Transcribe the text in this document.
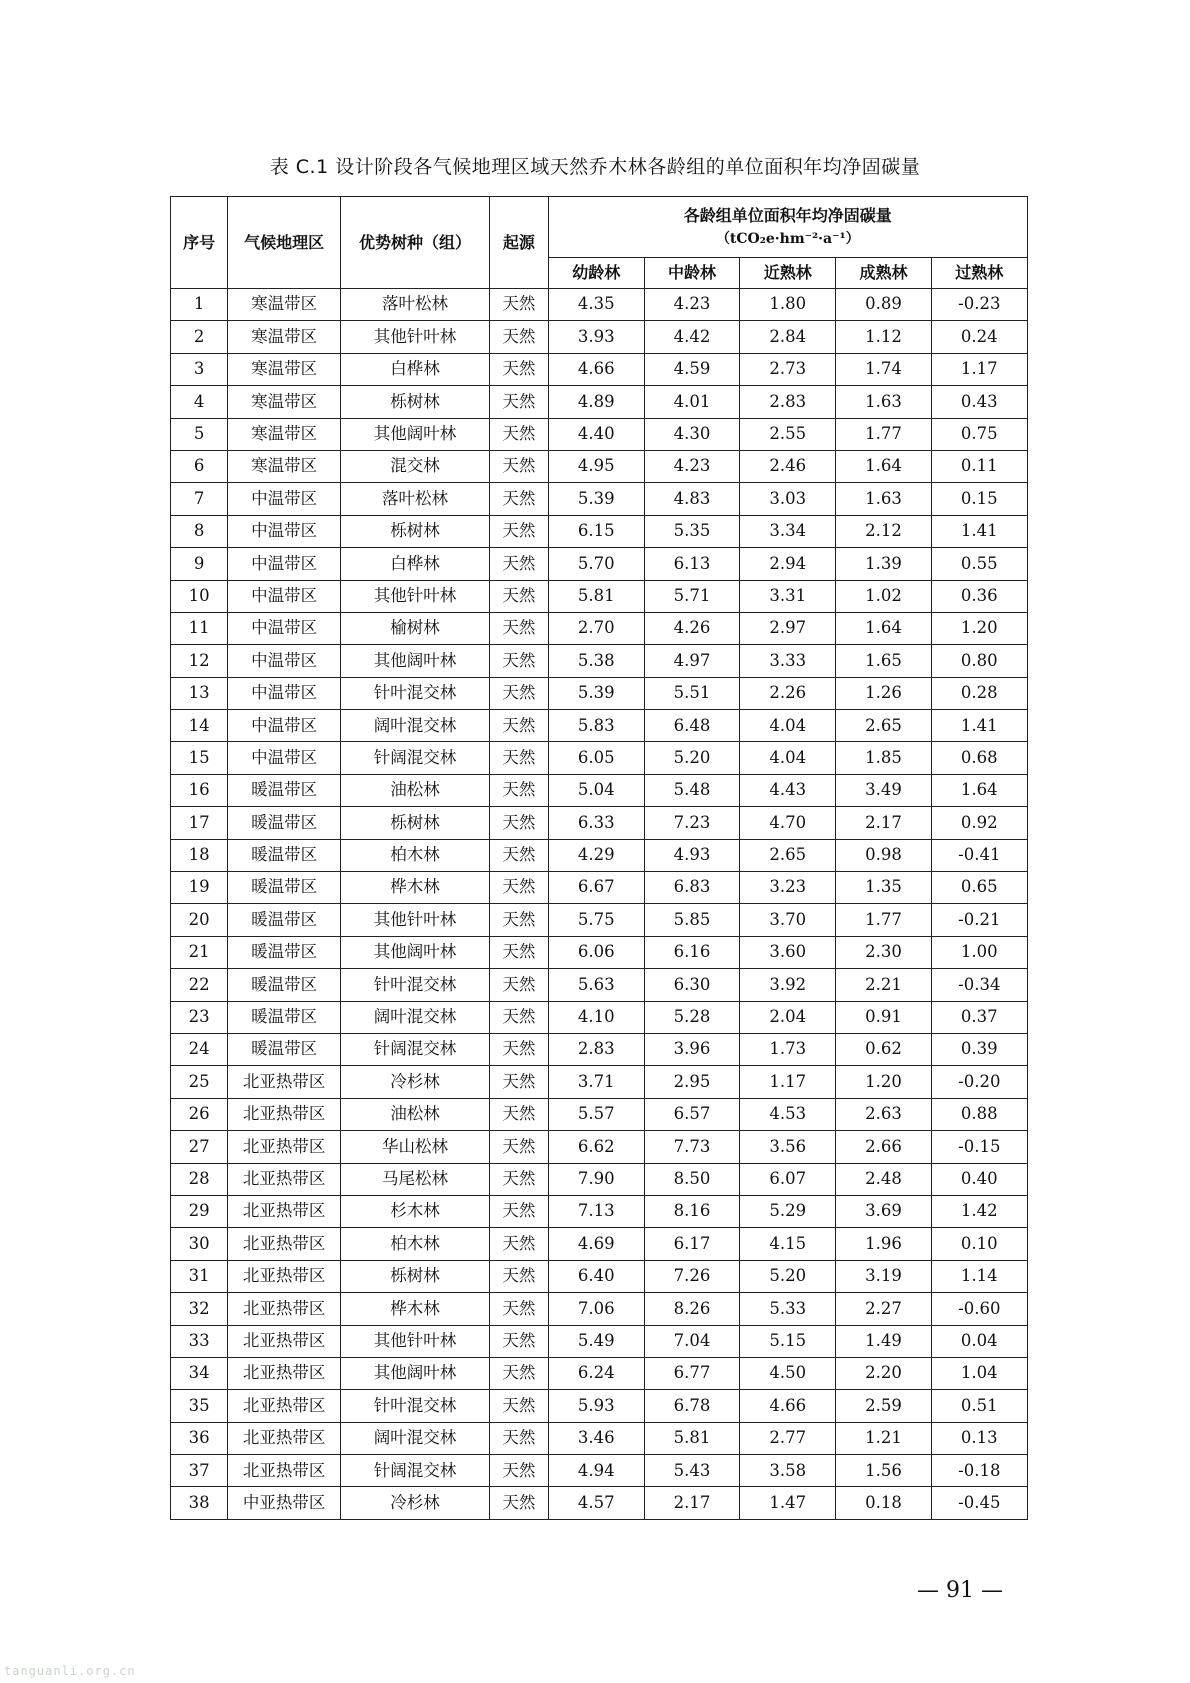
表 C.1 设计阶段各气候地理区域天然乔木林各龄组的单位面积年均净固碳量
序号	气候地理区	优势树种（组）	起源	各龄组单位面积年均净固碳量
（tCO₂e·hm⁻²·a⁻¹）				

				幼龄林	中龄林	近熟林	成熟林	过熟林
1	寒温带区	落叶松林	天然	4.35	4.23	1.80	0.89	-0.23
2	寒温带区	其他针叶林	天然	3.93	4.42	2.84	1.12	0.24
3	寒温带区	白桦林	天然	4.66	4.59	2.73	1.74	1.17
4	寒温带区	栎树林	天然	4.89	4.01	2.83	1.63	0.43
5	寒温带区	其他阔叶林	天然	4.40	4.30	2.55	1.77	0.75
6	寒温带区	混交林	天然	4.95	4.23	2.46	1.64	0.11
7	中温带区	落叶松林	天然	5.39	4.83	3.03	1.63	0.15
8	中温带区	栎树林	天然	6.15	5.35	3.34	2.12	1.41
9	中温带区	白桦林	天然	5.70	6.13	2.94	1.39	0.55
10	中温带区	其他针叶林	天然	5.81	5.71	3.31	1.02	0.36
11	中温带区	榆树林	天然	2.70	4.26	2.97	1.64	1.20
12	中温带区	其他阔叶林	天然	5.38	4.97	3.33	1.65	0.80
13	中温带区	针叶混交林	天然	5.39	5.51	2.26	1.26	0.28
14	中温带区	阔叶混交林	天然	5.83	6.48	4.04	2.65	1.41
15	中温带区	针阔混交林	天然	6.05	5.20	4.04	1.85	0.68
16	暖温带区	油松林	天然	5.04	5.48	4.43	3.49	1.64
17	暖温带区	栎树林	天然	6.33	7.23	4.70	2.17	0.92
18	暖温带区	柏木林	天然	4.29	4.93	2.65	0.98	-0.41
19	暖温带区	桦木林	天然	6.67	6.83	3.23	1.35	0.65
20	暖温带区	其他针叶林	天然	5.75	5.85	3.70	1.77	-0.21
21	暖温带区	其他阔叶林	天然	6.06	6.16	3.60	2.30	1.00
22	暖温带区	针叶混交林	天然	5.63	6.30	3.92	2.21	-0.34
23	暖温带区	阔叶混交林	天然	4.10	5.28	2.04	0.91	0.37
24	暖温带区	针阔混交林	天然	2.83	3.96	1.73	0.62	0.39
25	北亚热带区	冷杉林	天然	3.71	2.95	1.17	1.20	-0.20
26	北亚热带区	油松林	天然	5.57	6.57	4.53	2.63	0.88
27	北亚热带区	华山松林	天然	6.62	7.73	3.56	2.66	-0.15
28	北亚热带区	马尾松林	天然	7.90	8.50	6.07	2.48	0.40
29	北亚热带区	杉木林	天然	7.13	8.16	5.29	3.69	1.42
30	北亚热带区	柏木林	天然	4.69	6.17	4.15	1.96	0.10
31	北亚热带区	栎树林	天然	6.40	7.26	5.20	3.19	1.14
32	北亚热带区	桦木林	天然	7.06	8.26	5.33	2.27	-0.60
33	北亚热带区	其他针叶林	天然	5.49	7.04	5.15	1.49	0.04
34	北亚热带区	其他阔叶林	天然	6.24	6.77	4.50	2.20	1.04
35	北亚热带区	针叶混交林	天然	5.93	6.78	4.66	2.59	0.51
36	北亚热带区	阔叶混交林	天然	3.46	5.81	2.77	1.21	0.13
37	北亚热带区	针阔混交林	天然	4.94	5.43	3.58	1.56	-0.18
38	中亚热带区	冷杉林	天然	4.57	2.17	1.47	0.18	-0.45
— 91 —
tanguanli.org.cn
